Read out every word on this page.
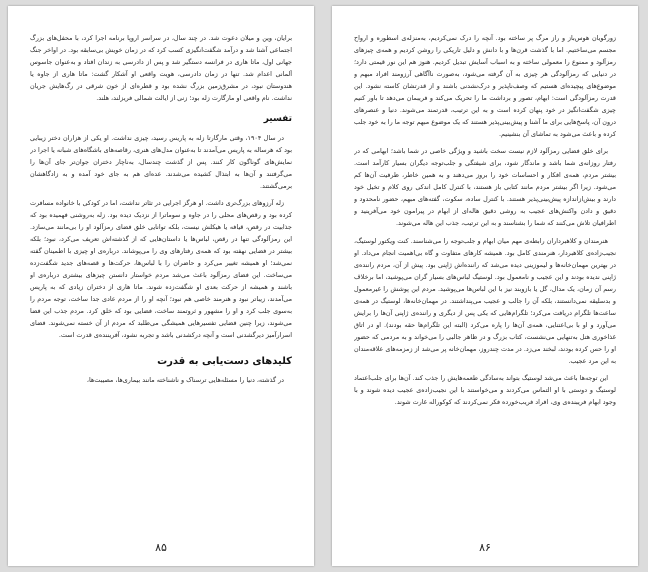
برایان، وین و میلان دعوت شد. در چند سال، در سراسر اروپا برنامه اجرا کرد، با محفل‌های بزرگ اجتماعی آشنا شد و درآمد شگفت‌انگیزی کسب کرد که در زمان خویش بی‌سابقه بود. در اواخر جنگ جهانی اول، ماتا هاری در فرانسه دستگیر شد و پس از دادرسی به زندان افتاد و به‌عنوان جاسوس آلمانی اعدام شد. تنها در زمان دادرسی، هویت واقعی او آشکار گشت: ماتا هاری از جاوه یا هندوستان نبود، در مشرق‌زمین بزرگ نشده بود و قطره‌ای از خون شرقی در رگ‌هایش جریان نداشت. نام واقعی او مارگارت زله بود؛ زنی از ایالت شمالی فریزلند، هلند.

تفسیر

در سال ۱۹۰۴، وقتی مارگارتا زله به پاریس رسید، چیزی نداشت. او یکی از هزاران دختر زیبایی بود که هرساله به پاریس می‌آمدند تا به‌عنوان مدل‌های هنری، رقاصه‌های باشگاه‌های شبانه یا اجرا در نمایش‌های گوناگون کار کنند. پس از گذشت چندسال، به‌ناچار دختران جوان‌تر جای آن‌ها را می‌گرفتند و آن‌ها به ابتذال کشیده می‌شدند. عده‌ای هم به جای خود آمده و به زادگاهشان برمی‌گشتند.

زله آرزوهای بزرگ‌تری داشت. او هرگز اجرایی در تئاتر نداشت، اما در کودکی با خانواده مسافرت کرده بود و رقص‌های محلی را در جاوه و سوماترا از نزدیک دیده بود. زله به‌روشنی فهمیده بود که جذابیت در رقص، قیافه یا هیکلش نیست، بلکه توانایی خلق فضای رمزآلود او را بی‌مانند می‌سازد. این رمزآلودگی تنها در رقص، لباس‌ها یا داستان‌هایی که از گذشته‌اش تعریف می‌کرد، نبود؛ بلکه بیشتر در فضایی نهفته بود که همه‌ی رفتارهای وی را می‌پوشاند. درباره‌ی او چیزی با اطمینان گفته نمی‌شد؛ او همیشه تغییر می‌کرد و حاضران را با لباس‌ها، حرکت‌ها و قصه‌های جدید شگفت‌زده می‌ساخت. این فضای رمزآلود باعث می‌شد مردم خواستار دانستن چیزهای بیشتری درباره‌ی او باشند و همیشه از حرکت بعدی او شگفت‌زده شوند. ماتا هاری از دختران زیادی که به پاریس می‌آمدند، زیباتر نبود و هنرمند خاصی هم نبود؛ آنچه او را از مردم عادی جدا ساخت، توجه مردم را به‌سوی جلب کرد و او را مشهور و ثروتمند ساخت، فضایی بود که خلق کرد. مردم جذب این فضا می‌شوند، زیرا چنین فضایی تفسیرهایی همیشگی می‌طلبد که مردم از آن خسته نمی‌شوند. فضای اسرارآمیز دیرگشدنی است و آنچه درکشدنی باشد و تجربه نشود، آفریننده‌ی قدرت است.

کلیدهای دست‌یابی به قدرت

در گذشته، دنیا را مسئله‌هایی ترسناک و ناشناخته مانند بیماری‌ها، مصیبت‌ها،

۸۵

زورگویان هوس‌باز و راز مرگ پر ساخته بود. آنچه را درک نمی‌کردیم، به‌منزله‌ی اسطوره و ارواح مجسم می‌ساختیم. اما با گذشت قرن‌ها و با دانش و دلیل تاریکی را روشن کردیم و همه‌ی چیزهای رمزآلود و ممنوع را معمولی ساخته و به اسباب آسایش تبدیل کردیم. هنوز هم این نور قیمتی دارد؛ در دنیایی که رمزآلودگی هر چیزی به آن گرفته می‌شود، به‌صورت ناآگاهی آرزومند افراد مبهم و موضوع‌های پیچیده‌ای هستیم که وصف‌ناپذیر و درک‌نشدنی باشند و از قدرتشان کاسته نشود. این قدرت رمزآلودگی است: ابهام، تصور و برداشت ما را تحریک می‌کند و فریبمان می‌دهد تا باور کنیم چیزی شگفت‌انگیز در خود پنهان کرده است و به این ترتیب، قدرتمند می‌شوند. دنیا و عنصرهای درون آن، پاسخ‌هایی برای ما آشنا و پیش‌بینی‌پذیر هستند که یک موضوع مبهم توجه ما را به خود جلب کرده و باعث می‌شود به تماشای آن بنشینیم.

برای خلق فضایی رمزآلود لازم نیست سخت باشید و ویژگی خاصی در شما باشد؛ ابهامی که در رفتار روزانه‌ی شما باشد و ماندگار شود، برای شیفتگی و جلب‌توجه دیگران بسیار کارآمد است. بیشتر مردم، همه‌ی افکار و احساسات خود را بروز می‌دهند و به همین خاطر، ظرفیت آن‌ها کم می‌شود. زیرا اگر بیشتر مردم مانند کتابی باز هستند، با کنترل کامل اندکی روی کلام و تخیل خود دارند و بیش‌ازاندازه پیش‌بینی‌پذیر هستند. با کنترل ساده، سکوت، گفته‌های مبهم، حضور نامحدود و دقیق و دادن واکنش‌های عجیب به روشی دقیق هاله‌ای از ابهام در پیرامون خود می‌آفرینید و اطرافیان تلاش می‌کنند که شما را بشناسند و به این ترتیب، جذب این هاله می‌شوند.

هنرمندان و کلاهبرداران رابطه‌ی مهم میان ابهام و جلب‌توجه را می‌شناسند. کنت ویکتور لوستیگ، نجیب‌زاده‌ی کلاهبردار، هنرمندی کامل بود. همیشه کارهای متفاوت و گاه بی‌اهمیت انجام می‌داد. او در بهترین مهمان‌خانه‌ها و لیموزینی دیده می‌شد که راننده‌اش ژاپنی بود. پیش از آن، مردم راننده‌ی ژاپنی ندیده بودند و این عجیب و نامعمول بود. لوستیگ لباس‌های بسیار گران می‌پوشید، اما برخلاف رسم آن زمان، یک مدال، گل یا بازوبند نیز با این لباس‌ها می‌پوشید. مردم این پوشش را غیرمعمول و بدسلیقه نمی‌دانستند، بلکه آن را جالب و عجیب می‌پنداشتند. در مهمان‌خانه‌ها، لوستیگ در همه‌ی ساعت‌ها تلگرام دریافت می‌کرد؛ تلگرام‌هایی که یکی پس از دیگری و راننده‌ی ژاپنی آن‌ها را برایش می‌آورد و او با بی‌اعتنایی، همه‌ی آن‌ها را پاره می‌کرد (البته این تلگرام‌ها حقه بودند). او در اتاق غذاخوری هتل به‌تنهایی می‌نشست، کتاب بزرگ و در ظاهر جالبی را می‌خواند و به مردمی که حضور او را حس کرده بودند، لبخند می‌زد. در مدت چندروز، مهمان‌خانه پر می‌شد از زمزمه‌های علاقه‌مندان به این مرد عجیب.

این توجه‌ها باعث می‌شد لوستیگ بتواند به‌سادگی طعمه‌هایش را جذب کند. آن‌ها برای جلب‌اعتماد لوستیگ و دوستی با او التماس می‌کردند و می‌خواستند با این نجیب‌زاده‌ی عجیب دیده شوند و با وجود ابهام فریبنده‌ی وی، افراد فریب‌خورده فکر نمی‌کردند که کوکوراله غارت شوند.

۸۶
